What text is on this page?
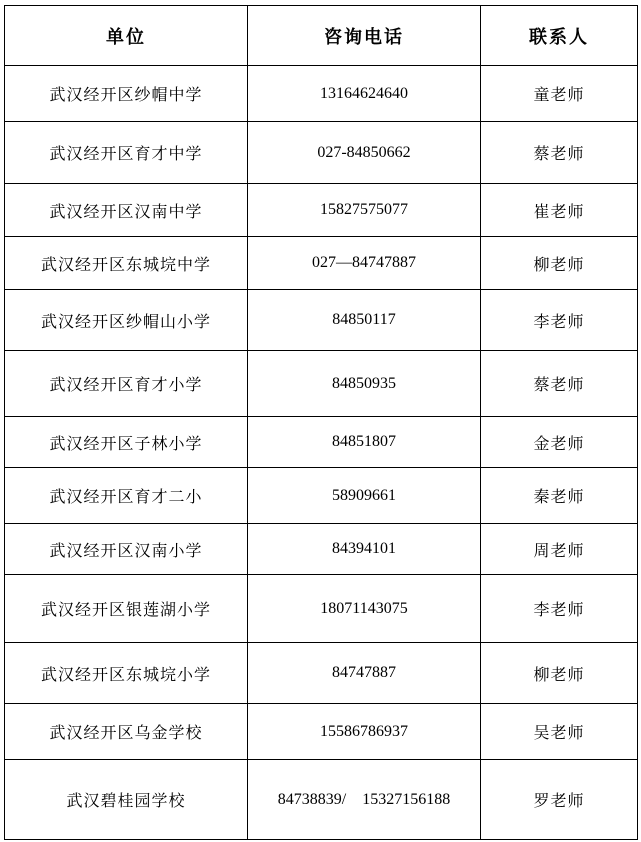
单位	咨询电话	联系人
武汉经开区纱帽中学	13164624640	童老师
武汉经开区育才中学	027-84850662	蔡老师
武汉经开区汉南中学	15827575077	崔老师
武汉经开区东城垸中学	027—84747887	柳老师
武汉经开区纱帽山小学	84850117	李老师
武汉经开区育才小学	84850935	蔡老师
武汉经开区子林小学	84851807	金老师
武汉经开区育才二小	58909661	秦老师
武汉经开区汉南小学	84394101	周老师
武汉经开区银莲湖小学	18071143075	李老师
武汉经开区东城垸小学	84747887	柳老师
武汉经开区乌金学校	15586786937	吴老师
武汉碧桂园学校	84738839/    15327156188	罗老师
